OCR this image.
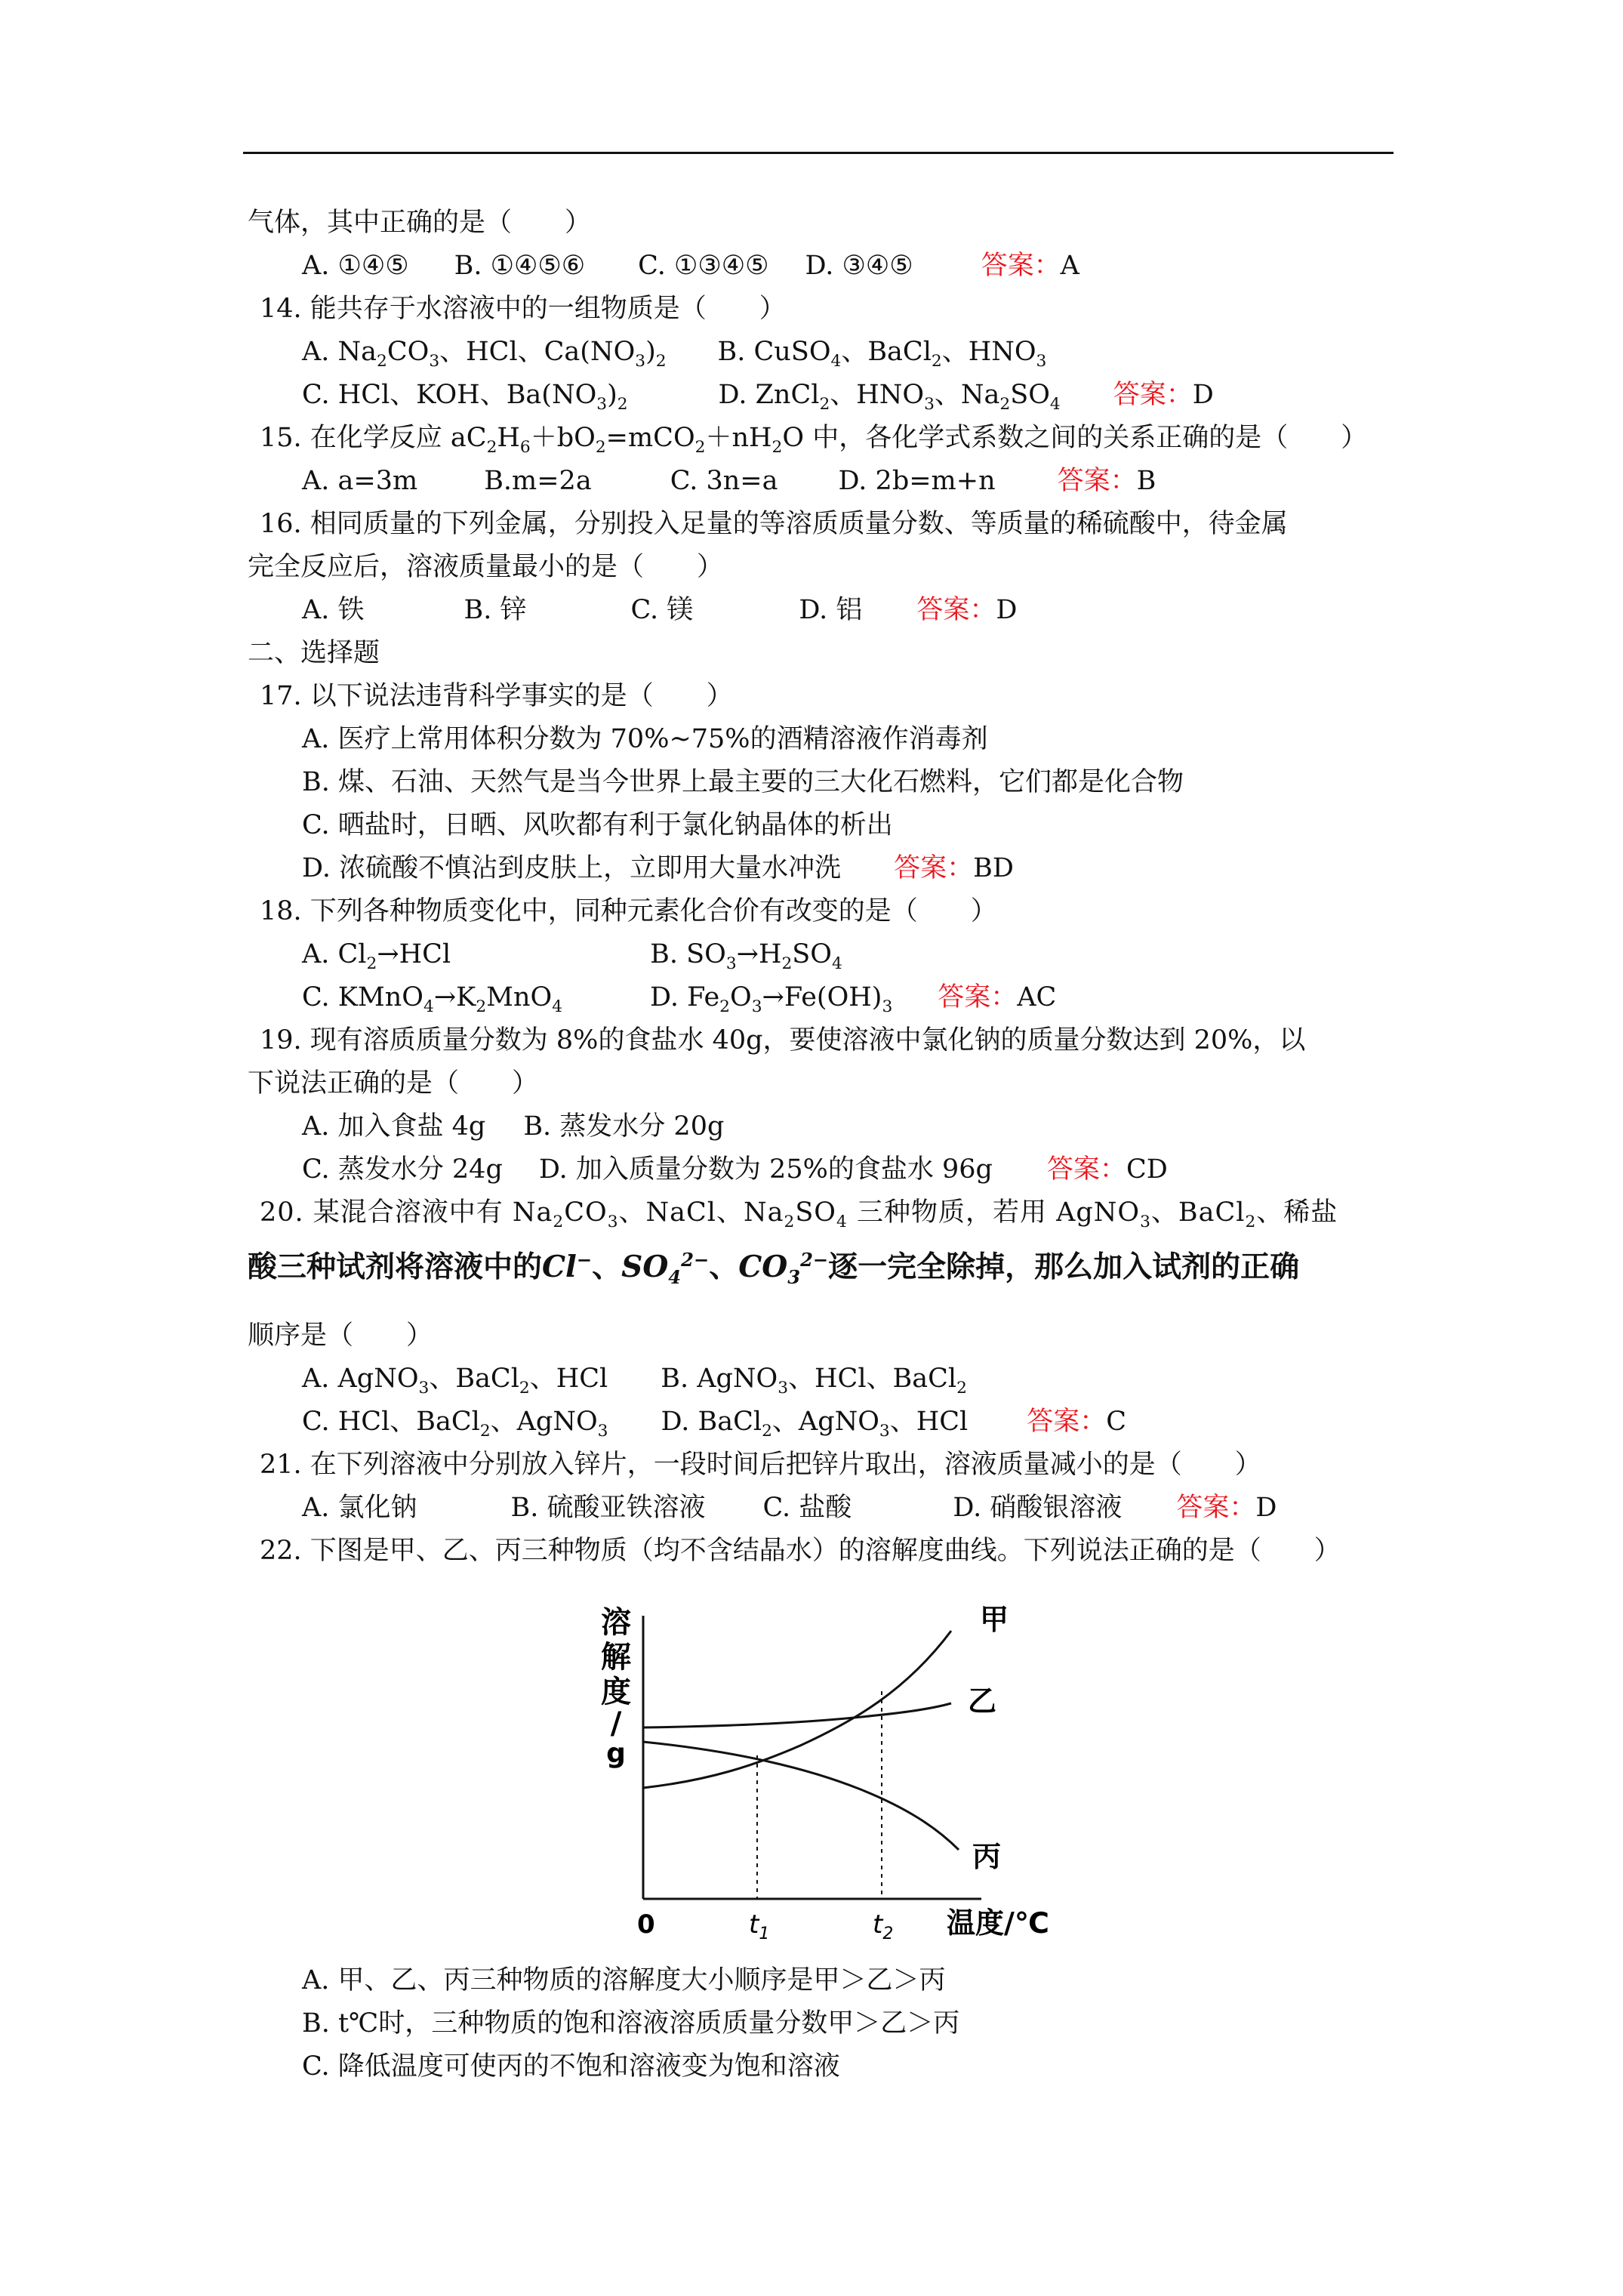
气体，其中正确的是（　　）
A. ①④⑤ B. ①④⑤⑥ C. ①③④⑤ D. ③④⑤	答案：A
14. 能共存于水溶液中的一组物质是（　　）
A. $Na_2CO_3$、HCl、$Ca(NO_3)_2$ B. CuSO$_4$、BaCl$_2$、$HNO_3$
C. HCl、KOH、$Ba(NO_3)_2$	D. ZnCl$_2$、$HNO_3$、$Na_2SO_4$ 答案：D
15. 在化学反应 $aC_2H_6+bO_2=mCO_2+nH_2O$ 中，各化学式系数之间的关系正确的是（　　）
A. a=3m	B.m=2a	C. 3n=a D. 2b=m+n 答案：B
16. 相同质量的下列金属，分别投入足量的等溶质质量分数、等质量的稀硫酸中，待金属
完全反应后，溶液质量最小的是（　　）
A. 铁	B. 锌	C. 镁	D. 铝 答案：D
二、选择题
17. 以下说法违背科学事实的是（　　）
A. 医疗上常用体积分数为 70%~75%的酒精溶液作消毒剂
B. 煤、石油、天然气是当今世界上最主要的三大化石燃料，它们都是化合物
C. 晒盐时，日晒、风吹都有利于氯化钠晶体的析出
D. 浓硫酸不慎沾到皮肤上，立即用大量水冲洗 答案：BD
18. 下列各种物质变化中，同种元素化合价有改变的是（　　）
A. $Cl_2\to HCl$	B. $SO_3\to H_2SO_4$
C. $KMnO_4\to K_2MnO_4$	D. $Fe_2O_3\to Fe(OH)_3$ 答案：AC
19. 现有溶质质量分数为 8%的食盐水 40g，要使溶液中氯化钠的质量分数达到 20%，以
下说法正确的是（　　）
A. 加入食盐 4g B. 蒸发水分 20g
C. 蒸发水分 24g D. 加入质量分数为 25%的食盐水 96g 答案：CD
20. 某混合溶液中有 $Na_2CO_3$、NaCl、$Na_2SO_4$ 三种物质，若用 AgNO$_3$、BaCl$_2$、稀盐
酸三种试剂将溶液中的Cl−、$SO_4^{2-}$、$CO_3^{2-}$逐一完全除掉，那么加入试剂的正确
顺序是（　　）
A. AgNO$_3$、BaCl$_2$、HCl B. AgNO$_3$、HCl、BaCl$_2$
C. HCl、BaCl$_2$、AgNO$_3$ D. BaCl$_2$、AgNO$_3$、HCl 答案：C
21. 在下列溶液中分别放入锌片，一段时间后把锌片取出，溶液质量减小的是（　　）
A. 氯化钠	B. 硫酸亚铁溶液 C. 盐酸	D. 硝酸银溶液 答案：D
22. 下图是甲、乙、丙三种物质（均不含结晶水）的溶解度曲线。下列说法正确的是（　　）
溶
解
度
/
g
甲
乙
丙
0	$t_1$	$t_2$ 温度/℃
A. 甲、乙、丙三种物质的溶解度大小顺序是甲＞乙＞丙
B. t℃时，三种物质的饱和溶液溶质质量分数甲＞乙＞丙
C. 降低温度可使丙的不饱和溶液变为饱和溶液
